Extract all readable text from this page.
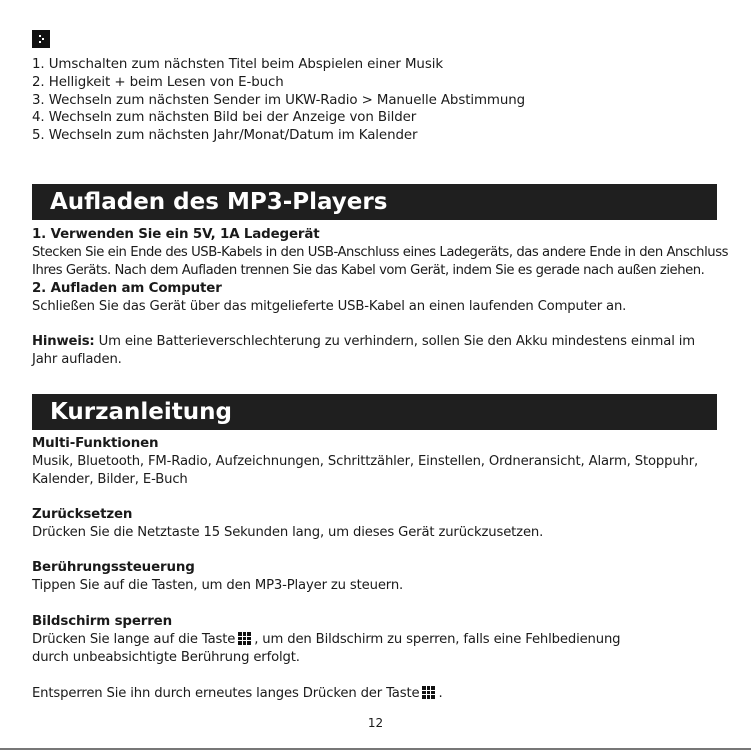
1. Umschalten zum nächsten Titel beim Abspielen einer Musik
2. Helligkeit + beim Lesen von E-buch
3. Wechseln zum nächsten Sender im UKW-Radio > Manuelle Abstimmung
4. Wechseln zum nächsten Bild bei der Anzeige von Bilder
5. Wechseln zum nächsten Jahr/Monat/Datum im Kalender
Aufladen des MP3-Players
1. Verwenden Sie ein 5V, 1A Ladegerät
Stecken Sie ein Ende des USB-Kabels in den USB-Anschluss eines Ladegeräts, das andere Ende in den Anschluss
Ihres Geräts. Nach dem Aufladen trennen Sie das Kabel vom Gerät, indem Sie es gerade nach außen ziehen.
2. Aufladen am Computer
Schließen Sie das Gerät über das mitgelieferte USB-Kabel an einen laufenden Computer an.
Hinweis: Um eine Batterieverschlechterung zu verhindern, sollen Sie den Akku mindestens einmal im Jahr aufladen.
Kurzanleitung
Multi-Funktionen
Musik, Bluetooth, FM-Radio, Aufzeichnungen, Schrittzähler, Einstellen, Ordneransicht, Alarm, Stoppuhr, Kalender, Bilder, E-Buch
Zurücksetzen
Drücken Sie die Netztaste 15 Sekunden lang, um dieses Gerät zurückzusetzen.
Berührungssteuerung
Tippen Sie auf die Tasten, um den MP3-Player zu steuern.
Bildschirm sperren
Drücken Sie lange auf die Taste , um den Bildschirm zu sperren, falls eine Fehlbedienung
durch unbeabsichtigte Berührung erfolgt.
Entsperren Sie ihn durch erneutes langes Drücken der Taste .
12
